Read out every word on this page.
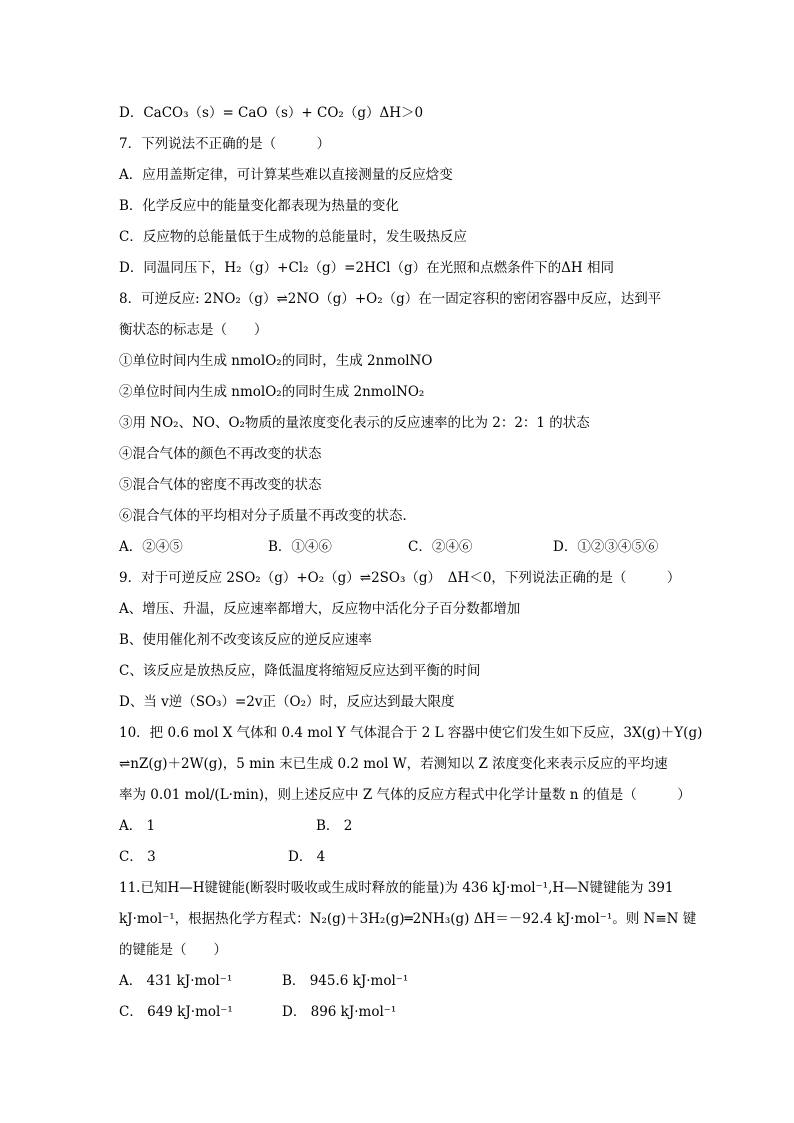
D．CaCO₃（s）= CaO（s）+ CO₂（g）ΔH＞0
7．下列说法不正确的是（　　　）
A．应用盖斯定律，可计算某些难以直接测量的反应焓变
B．化学反应中的能量变化都表现为热量的变化
C．反应物的总能量低于生成物的总能量时，发生吸热反应
D．同温同压下，H₂（g）+Cl₂（g）=2HCl（g）在光照和点燃条件下的ΔH 相同
8．可逆反应: 2NO₂（g）⇌2NO（g）+O₂（g）在一固定容积的密闭容器中反应，达到平
衡状态的标志是（　　）
①单位时间内生成 nmolO₂的同时，生成 2nmolNO
②单位时间内生成 nmolO₂的同时生成 2nmolNO₂
③用 NO₂、NO、O₂物质的量浓度变化表示的反应速率的比为 2：2：1 的状态
④混合气体的颜色不再改变的状态
⑤混合气体的密度不再改变的状态
⑥混合气体的平均相对分子质量不再改变的状态．
A．②④⑤	B．①④⑥	C．②④⑥	D．①②③④⑤⑥
9．对于可逆反应 2SO₂（g）+O₂（g）⇌2SO₃（g）　ΔH＜0，下列说法正确的是（　　　）
A、增压、升温，反应速率都增大，反应物中活化分子百分数都增加
B、使用催化剂不改变该反应的逆反应速率
C、该反应是放热反应，降低温度将缩短反应达到平衡的时间
D、当 v逆（SO₃）=2v正（O₂）时，反应达到最大限度
10．把 0.6 mol X 气体和 0.4 mol Y 气体混合于 2 L 容器中使它们发生如下反应，3X(g)＋Y(g)
⇌nZ(g)＋2W(g)，5 min 末已生成 0.2 mol W，若测知以 Z 浓度变化来表示反应的平均速
率为 0.01 mol/(L·min)，则上述反应中 Z 气体的反应方程式中化学计量数 n 的值是（　　　）
A． 1	B． 2
C． 3	D． 4
11.已知H—H键键能(断裂时吸收或生成时释放的能量)为 436 kJ·mol⁻¹,H—N键键能为 391
kJ·mol⁻¹，根据热化学方程式：N₂(g)＋3H₂(g)═2NH₃(g) ΔH＝－92.4 kJ·mol⁻¹。则 N≡N 键
的键能是（　　）
A． 431 kJ·mol⁻¹	B． 945.6 kJ·mol⁻¹
C． 649 kJ·mol⁻¹	D． 896 kJ·mol⁻¹
